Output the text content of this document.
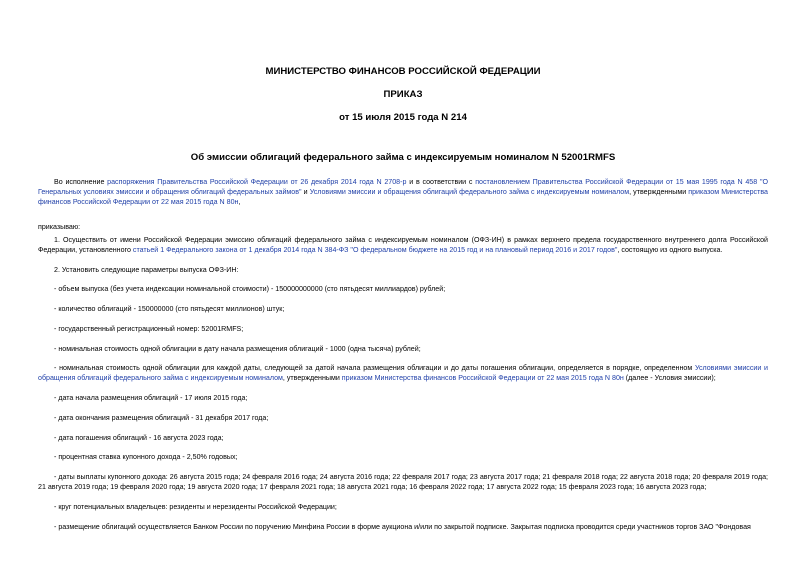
МИНИСТЕРСТВО ФИНАНСОВ РОССИЙСКОЙ ФЕДЕРАЦИИ
ПРИКАЗ
от 15 июля 2015 года N 214
Об эмиссии облигаций федерального займа с индексируемым номиналом N 52001RMFS

Во исполнение распоряжения Правительства Российской Федерации от 26 декабря 2014 года N 2708-р и в соответствии с постановлением Правительства Российской Федерации от 15 мая 1995 года N 458 "О Генеральных условиях эмиссии и обращения облигаций федеральных займов" и Условиями эмиссии и обращения облигаций федерального займа с индексируемым номиналом, утвержденными приказом Министерства финансов Российской Федерации от 22 мая 2015 года N 80н,

приказываю:

1. Осуществить от имени Российской Федерации эмиссию облигаций федерального займа с индексируемым номиналом (ОФЗ-ИН) в рамках верхнего предела государственного внутреннего долга Российской Федерации, установленного статьей 1 Федерального закона от 1 декабря 2014 года N 384-ФЗ "О федеральном бюджете на 2015 год и на плановый период 2016 и 2017 годов", состоящую из одного выпуска.

2. Установить следующие параметры выпуска ОФЗ-ИН:

- объем выпуска (без учета индексации номинальной стоимости) - 150000000000 (сто пятьдесят миллиардов) рублей;

- количество облигаций - 150000000 (сто пятьдесят миллионов) штук;

- государственный регистрационный номер: 52001RMFS;

- номинальная стоимость одной облигации в дату начала размещения облигаций - 1000 (одна тысяча) рублей;

- номинальная стоимость одной облигации для каждой даты, следующей за датой начала размещения облигации и до даты погашения облигации, определяется в порядке, определенном Условиями эмиссии и обращения облигаций федерального займа с индексируемым номиналом, утвержденными приказом Министерства финансов Российской Федерации от 22 мая 2015 года N 80н (далее - Условия эмиссии);

- дата начала размещения облигаций - 17 июля 2015 года;

- дата окончания размещения облигаций - 31 декабря 2017 года;

- дата погашения облигаций - 16 августа 2023 года;

- процентная ставка купонного дохода - 2,50% годовых;

- даты выплаты купонного дохода: 26 августа 2015 года; 24 февраля 2016 года; 24 августа 2016 года; 22 февраля 2017 года; 23 августа 2017 года; 21 февраля 2018 года; 22 августа 2018 года; 20 февраля 2019 года; 21 августа 2019 года; 19 февраля 2020 года; 19 августа 2020 года; 17 февраля 2021 года; 18 августа 2021 года; 16 февраля 2022 года; 17 августа 2022 года; 15 февраля 2023 года; 16 августа 2023 года;

- круг потенциальных владельцев: резиденты и нерезиденты Российской Федерации;

- размещение облигаций осуществляется Банком России по поручению Минфина России в форме аукциона и/или по закрытой подписке. Закрытая подписка проводится среди участников торгов ЗАО "Фондовая
